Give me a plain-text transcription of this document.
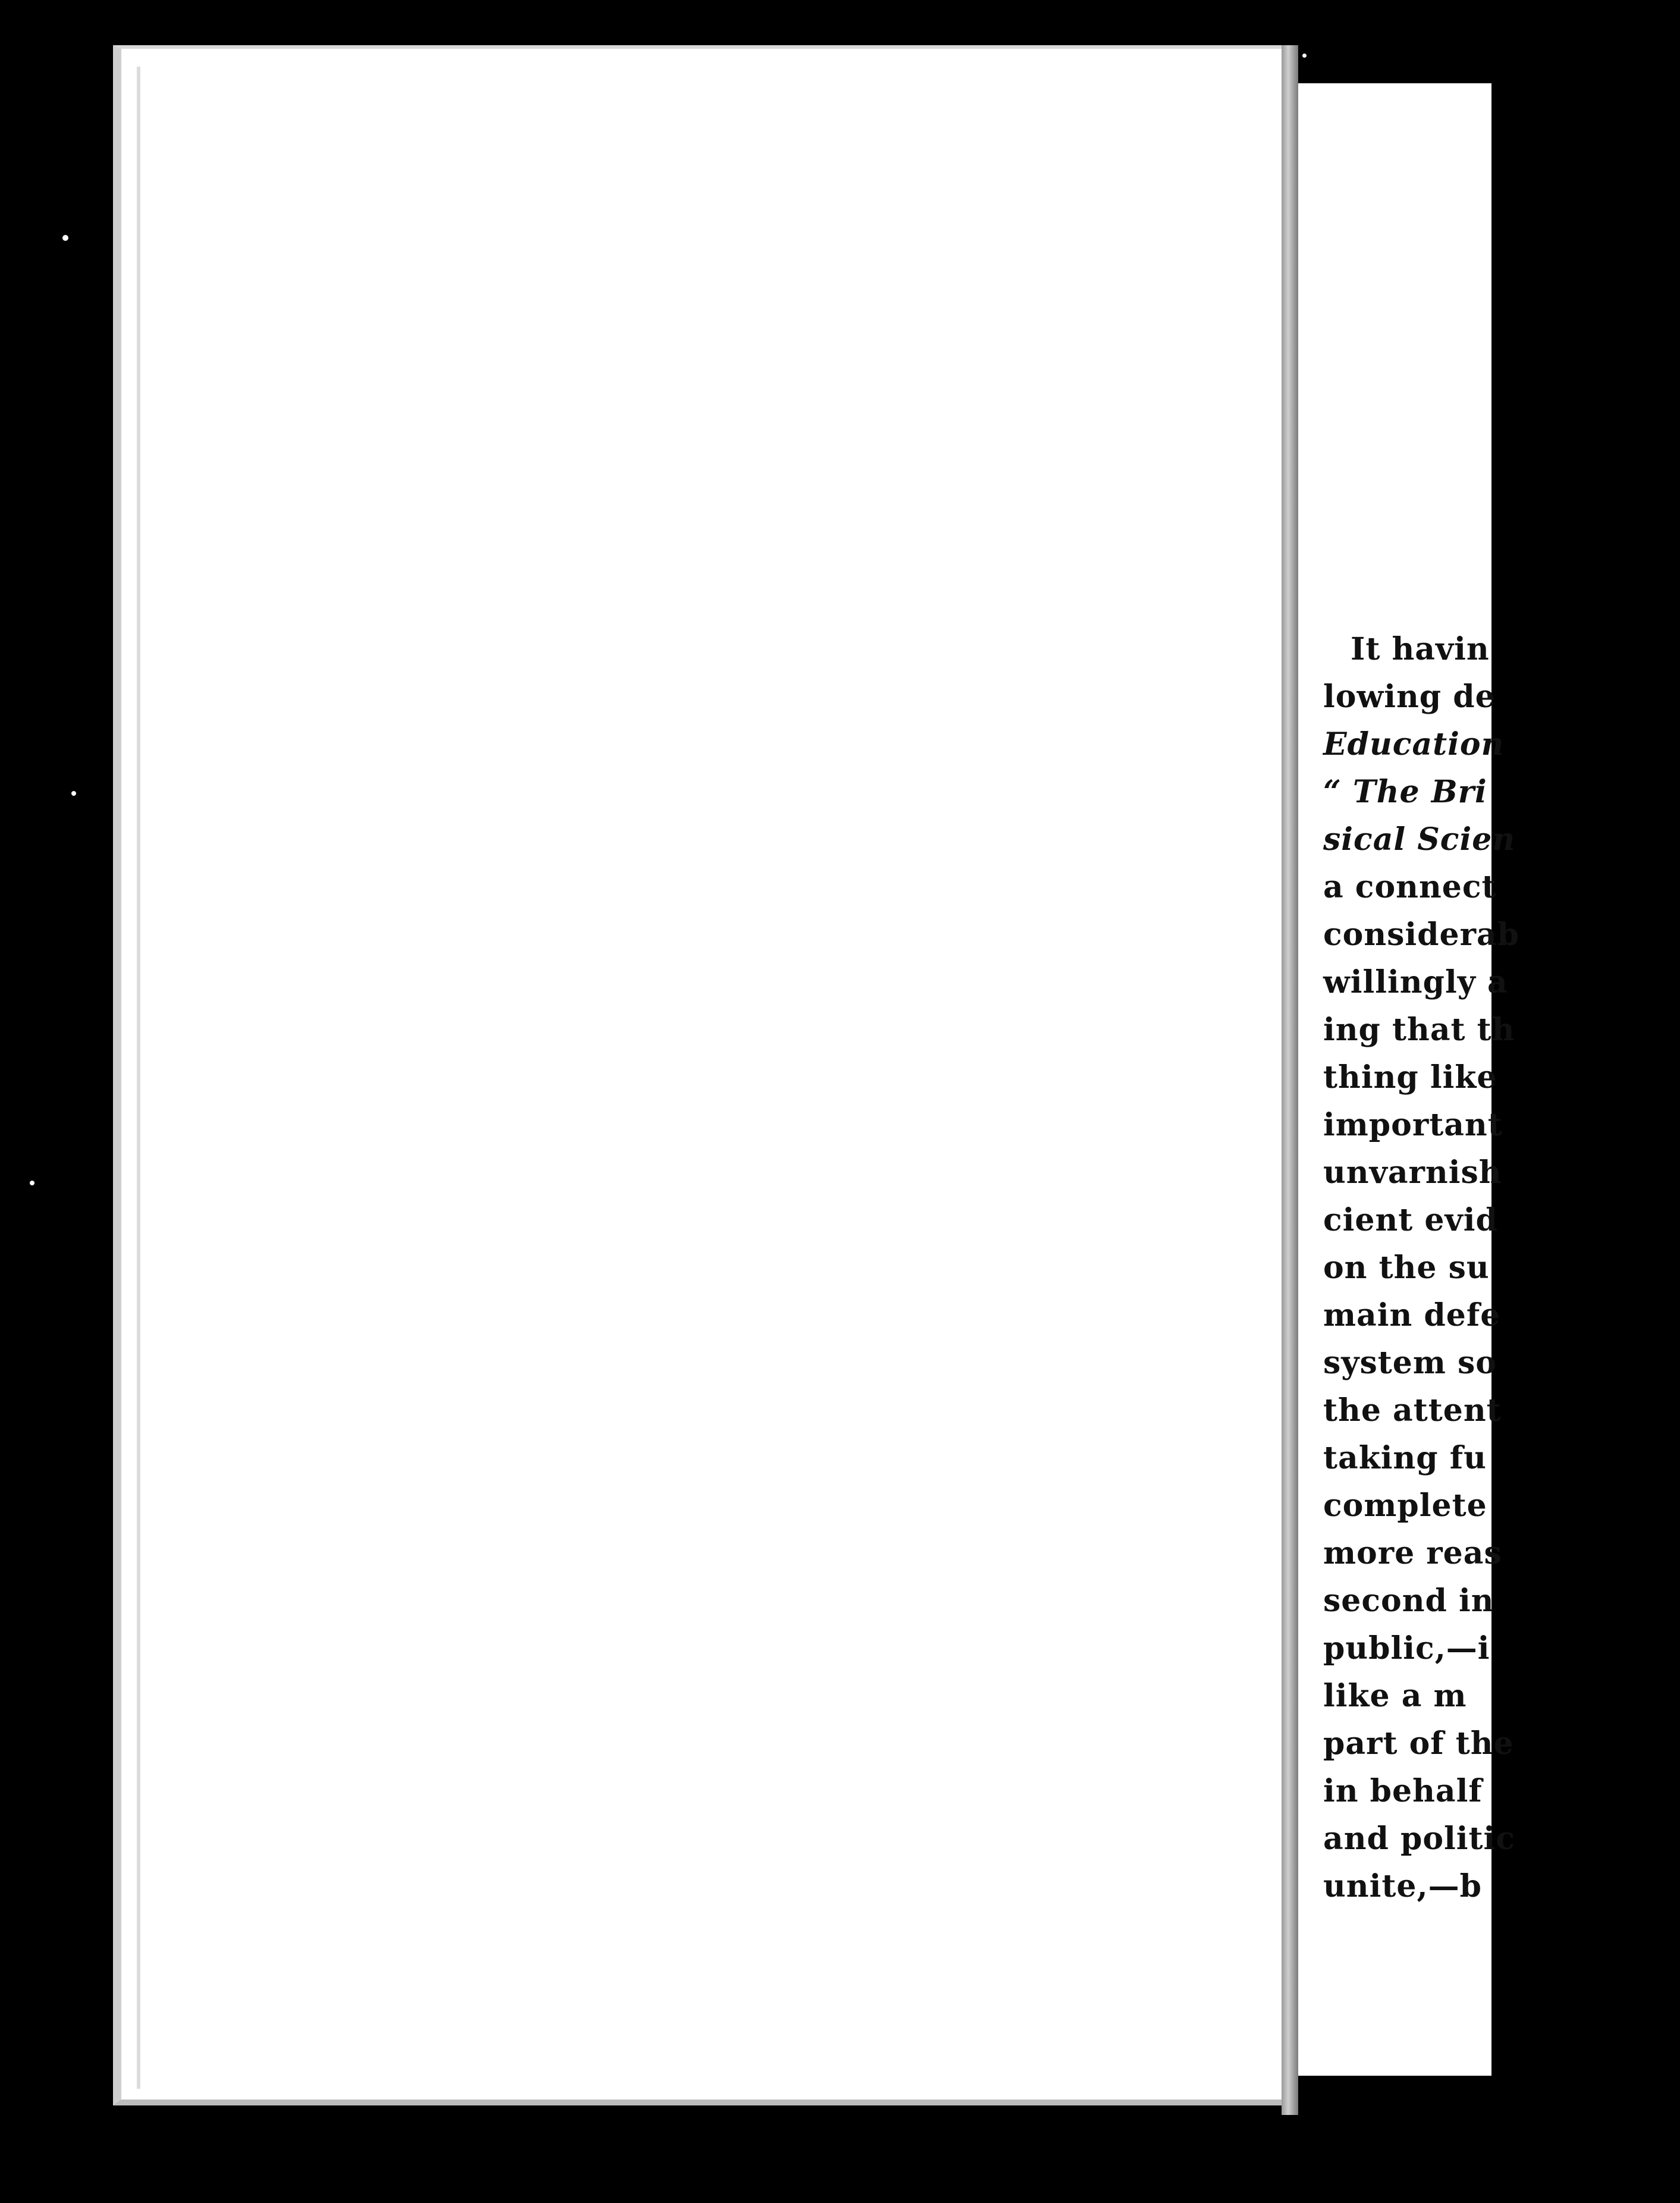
It havin
lowing de
Education
“ The Bri
sical Scien
a connect
considerab
willingly a
ing that th
thing like
important
unvarnish
cient evid
on the su
main defe
system so
the attent
taking fu
complete
more reas
second in
public,—i
like a m
part of the
in behalf
and politic
unite,—b
